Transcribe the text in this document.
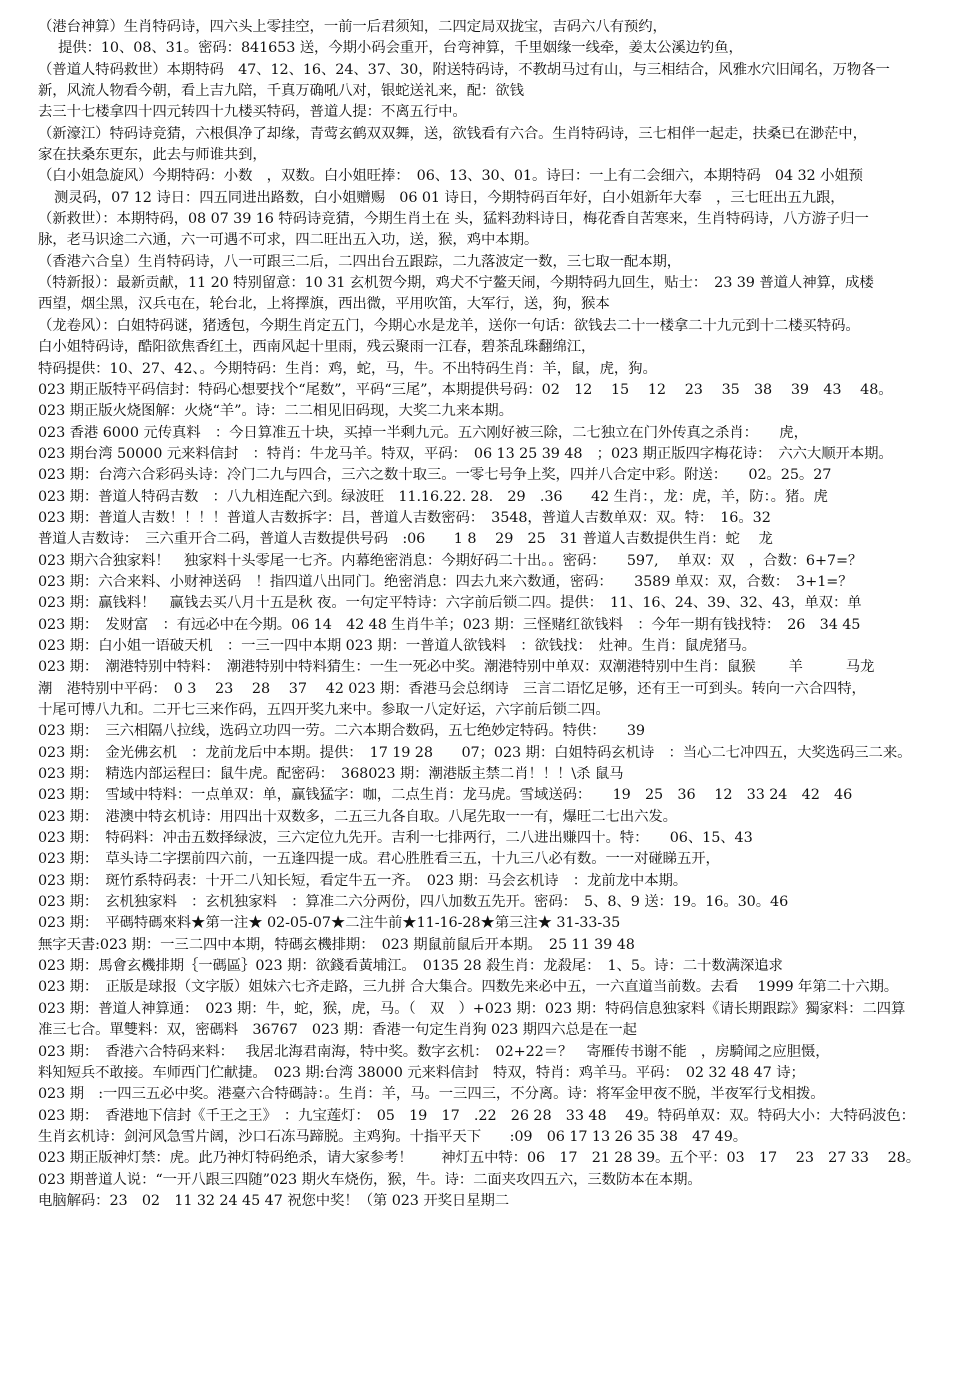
（港台神算）生肖特码诗，四六头上零挂空，一前一后君须知，二四定局双拢宝，吉码六八有预约，
提供：10、08、31。密码：841653 送，今期小码会重开，台弯神算，千里姻缘一线牵，姜太公溪边钓鱼，
（普道人特码救世）本期特码　47、12、16、24、37、30，附送特码诗，不教胡马过有山，与三相结合，风雅水穴旧闻名，万物各一
新，风流人物看今朝，看上吉九陪，千真万确吼八对，银蛇送礼来，配：欲钱
去三十七楼拿四十四元转四十九楼买特码，普道人提：不离五行中。
（新濠江）特码诗竞猜，六根俱净了却缘，青莺玄鹤双双舞，送，欲钱看有六合。生肖特码诗，三七相伴一起走，扶桑已在渺茫中，
家在扶桑东更东，此去与师谁共到，
（白小姐急旋风）今期特码：小数　，双数。白小姐旺捧：　06、13、30、01。诗曰：一上有二会细六，本期特码　04 32 小姐预
测灵码，07 12 诗日：四五同进出路数，白小姐赠赐　06 01 诗日，今期特码百年好，白小姐新年大奉　，三七旺出五九跟，
（新救世）：本期特码，08 07 39 16 特码诗竞猜，今期生肖土在 头，猛料劲料诗日，梅花香自苦寒来，生肖特码诗，八方游子归一
脉，老马识途二六通，六一可遇不可求，四二旺出五入功，送，猴，鸡中本期。
（香港六合皇）生肖特码诗，八一可跟三二后，二四出台五跟踪，二九落波定一数，三七取一配本期，
（特新报）：最新贡献，11 20 特别留意：10 31 玄机贺今期，鸡犬不宁鳌天闹，今期特码九回生，贴士：　23 39 普道人神算，成楼
西望，烟尘黑，汉兵屯在，轮台北，上将擇旗，西出微，平用吹笛，大军行，送，狗，猴本
（龙卷风）：白姐特码谜，猪透包，今期生肖定五门，今期心水是龙羊，送你一句话：欲钱去二十一楼拿二十九元到十二楼买特码。
白小姐特码诗，酷阳欲焦香红土，西南风起十里雨，残云聚雨一江春，碧茶乱珠翻绵江，
特码提供：10、27、42、。今期特码：生肖：鸡，蛇，马，牛。不出特码生肖：羊，鼠，虎，狗。
023 期正版特平码信封：特码心想要找个“尾数”，平码“三尾”，本期提供号码：02　12　 15　 12　 23　 35　38　 39　43　 48。
023 期正版火烧图解：火烧“羊”。诗：二二相见旧码现，大奖二九来本期。
023 香港 6000 元传真料　：今日算准五十块，买掉一半剩九元。五六刚好被三除，二七独立在门外传真之杀肖：　　虎，
023 期台湾 50000 元来料信封　：特肖：牛龙马羊。特双，平码：　06 13 25 39 48　；023 期正版四字梅花诗：　六六大顺开本期。
023 期：台湾六合彩码头诗：冷门二九与四合，三六之数十取三。一零七号争上奖，四并八合定中彩。附送：　　02。25。27
023 期：普道人特码吉数　：八九相连配六到。绿波旺　11.16.22. 28.　29　.36　　42 生肖：，龙：虎，羊，防：。猪。虎
023 期：普道人吉数！！！！普道人吉数拆字：吕，普道人吉数密码：　3548，普道人吉数单双：双。特：　16。32
普道人吉数诗：　三六重开合二码，普道人吉数提供号码　:06　　1 8　 29　25　31 普道人吉数提供生肖：蛇　 龙
023 期六合独家料！　独家料十头零尾一七齐。内幕绝密消息：今期好码二十出。。密码：　　597,　 单双：双　，合数：6+7=？
023 期：六合来料、小财神送码　！指四道八出同门。绝密消息：四去九来六数通，密码：　　3589 单双：双，合数：　3+1=？
023 期：赢钱料！　赢钱去买八月十五是秋 夜。一句定平特诗：六字前后锁二四。提供：　11、16、24、39、32、43，单双：单
023 期：　发财富　：有远必中在今期。06 14　42 48 生肖牛羊；023 期：三怪赌红欲钱料　：今年一期有钱找特：　26　34 45
023 期：白小姐一语破天机　：一三一四中本期 023 期：一普道人欲钱料　：欲钱找：　灶神。生肖：鼠虎猪马。
023 期：　潮港特别中特料：　潮港特别中特料猜生：一生一死必中奖。潮港特别中单双：双潮港特别中生肖：鼠猴　　 羊　　　马龙
潮　港特别中平码：　0 3　 23　 28　 37　 42 023 期：香港马会总纲诗　三言二语忆足够，还有王一可到头。转向一六合四特，
十尾可博八九和。二开七三来作码，五四开奖九来中。参取一八定好运，六字前后锁二四。
023 期：　三六相隔八拉线，选码立功四一劳。二六本期合数码，五七绝妙定特码。特供：　　39
023 期：　金光佛玄机　：龙前龙后中本期。提供：　17 19 28　　07；023 期：白姐特码玄机诗　：当心二七冲四五，大奖选码三二来。
023 期：　精选内部运程曰：鼠牛虎。配密码：　368023 期：潮港版主禁二肖！！！\杀 鼠马
023 期：　雪域中特料：一点单双：单，赢钱猛字：咖，二点生肖：龙马虎。雪域送码：　　19　25　36　 12　33 24　42　46
023 期：　港澳中特玄机诗：用四出十双数多，二五三九各自取。八尾先取一一有，爆旺二七出六发。
023 期：　特码料：冲击五数择绿波，三六定位九先开。吉利一七排两行，二八进出赚四十。特：　　06、15、43
023 期：　草头诗二字摆前四六前，一五逢四提一成。君心胜胜看三五，十九三八必有数。一一对碰睇五开，
023 期：　斑竹系特码表：十开二八知长短，看定牛五一齐。　023 期：马会玄机诗　：龙前龙中本期。
023 期：　玄机独家料　：玄机独家料　：算准二六分两份，四八加数五先开。密码：　5、8、9 送：19。16。30。46
023 期：　平碼特碼來料★第一注★ 02-05-07★二注牛前★11-16-28★第三注★ 31-33-35
無字天書:023 期：一三二四中本期，特碼玄機排期：　023 期鼠前鼠后开本期。　25 11 39 48
023 期：馬會玄機排期｛一碼區｝023 期：欲錢看黃埔江。　0135 28 殺生肖：龙殺尾：　1、5。诗：二十数满深追求
023 期：　正版是球报（文字版）姐妹六七齐走路，三九拼 合大集合。四数先来必中五，一六直道当前数。去看　 1999 年第二十六期。
023 期：普道人神算通：　023 期：牛，蛇，猴，虎，马。（　双　）+023 期：023 期：特码信息独家料《请长期跟踪》獨家料：二四算
准三七合。單雙料：双，密碼料　36767　023 期：香港一句定生肖狗 023 期四六总是在一起
023 期：　香港六合特码来料：　 我居北海君南海，特中奖。数字玄机：　02+22＝？　寄雁传书谢不能　，房騎闻之应胆慑，
料知短兵不敢接。车师西门伫献捷。　023 期:台湾 38000 元来料信封　特双，特肖：鸡羊马。平码：　02 32 48 47 诗；
023 期　:一四三五必中奖。港臺六合特碼詩：。生肖：羊，马。一三四三，不分离。诗：将军金甲夜不脱，半夜军行戈相拨。
023 期：　香港地下信封《千王之王》　：九宝莲灯：　05　19　17　.22　26 28　33 48　 49。特码单双：双。特码大小：大特码波色：
生肖玄机诗：剑河风急雪片阔，沙口石冻马蹄脱。主鸡狗。十指平天下　　:09　06 17 13 26 35 38　47 49。
023 期正版神灯禁：虎。此乃神灯特码绝杀，请大家参考！　　神灯五中特：06　17　21 28 39。五个平：03　17　 23　27 33　 28。
023 期普道人说：“一开八跟三四随”023 期火车烧伤，猴，牛。诗：二面夹攻四五六，三数防本在本期。
电脑解码：23　02　11 32 24 45 47 祝您中奖！（第 023 开奖日星期二
